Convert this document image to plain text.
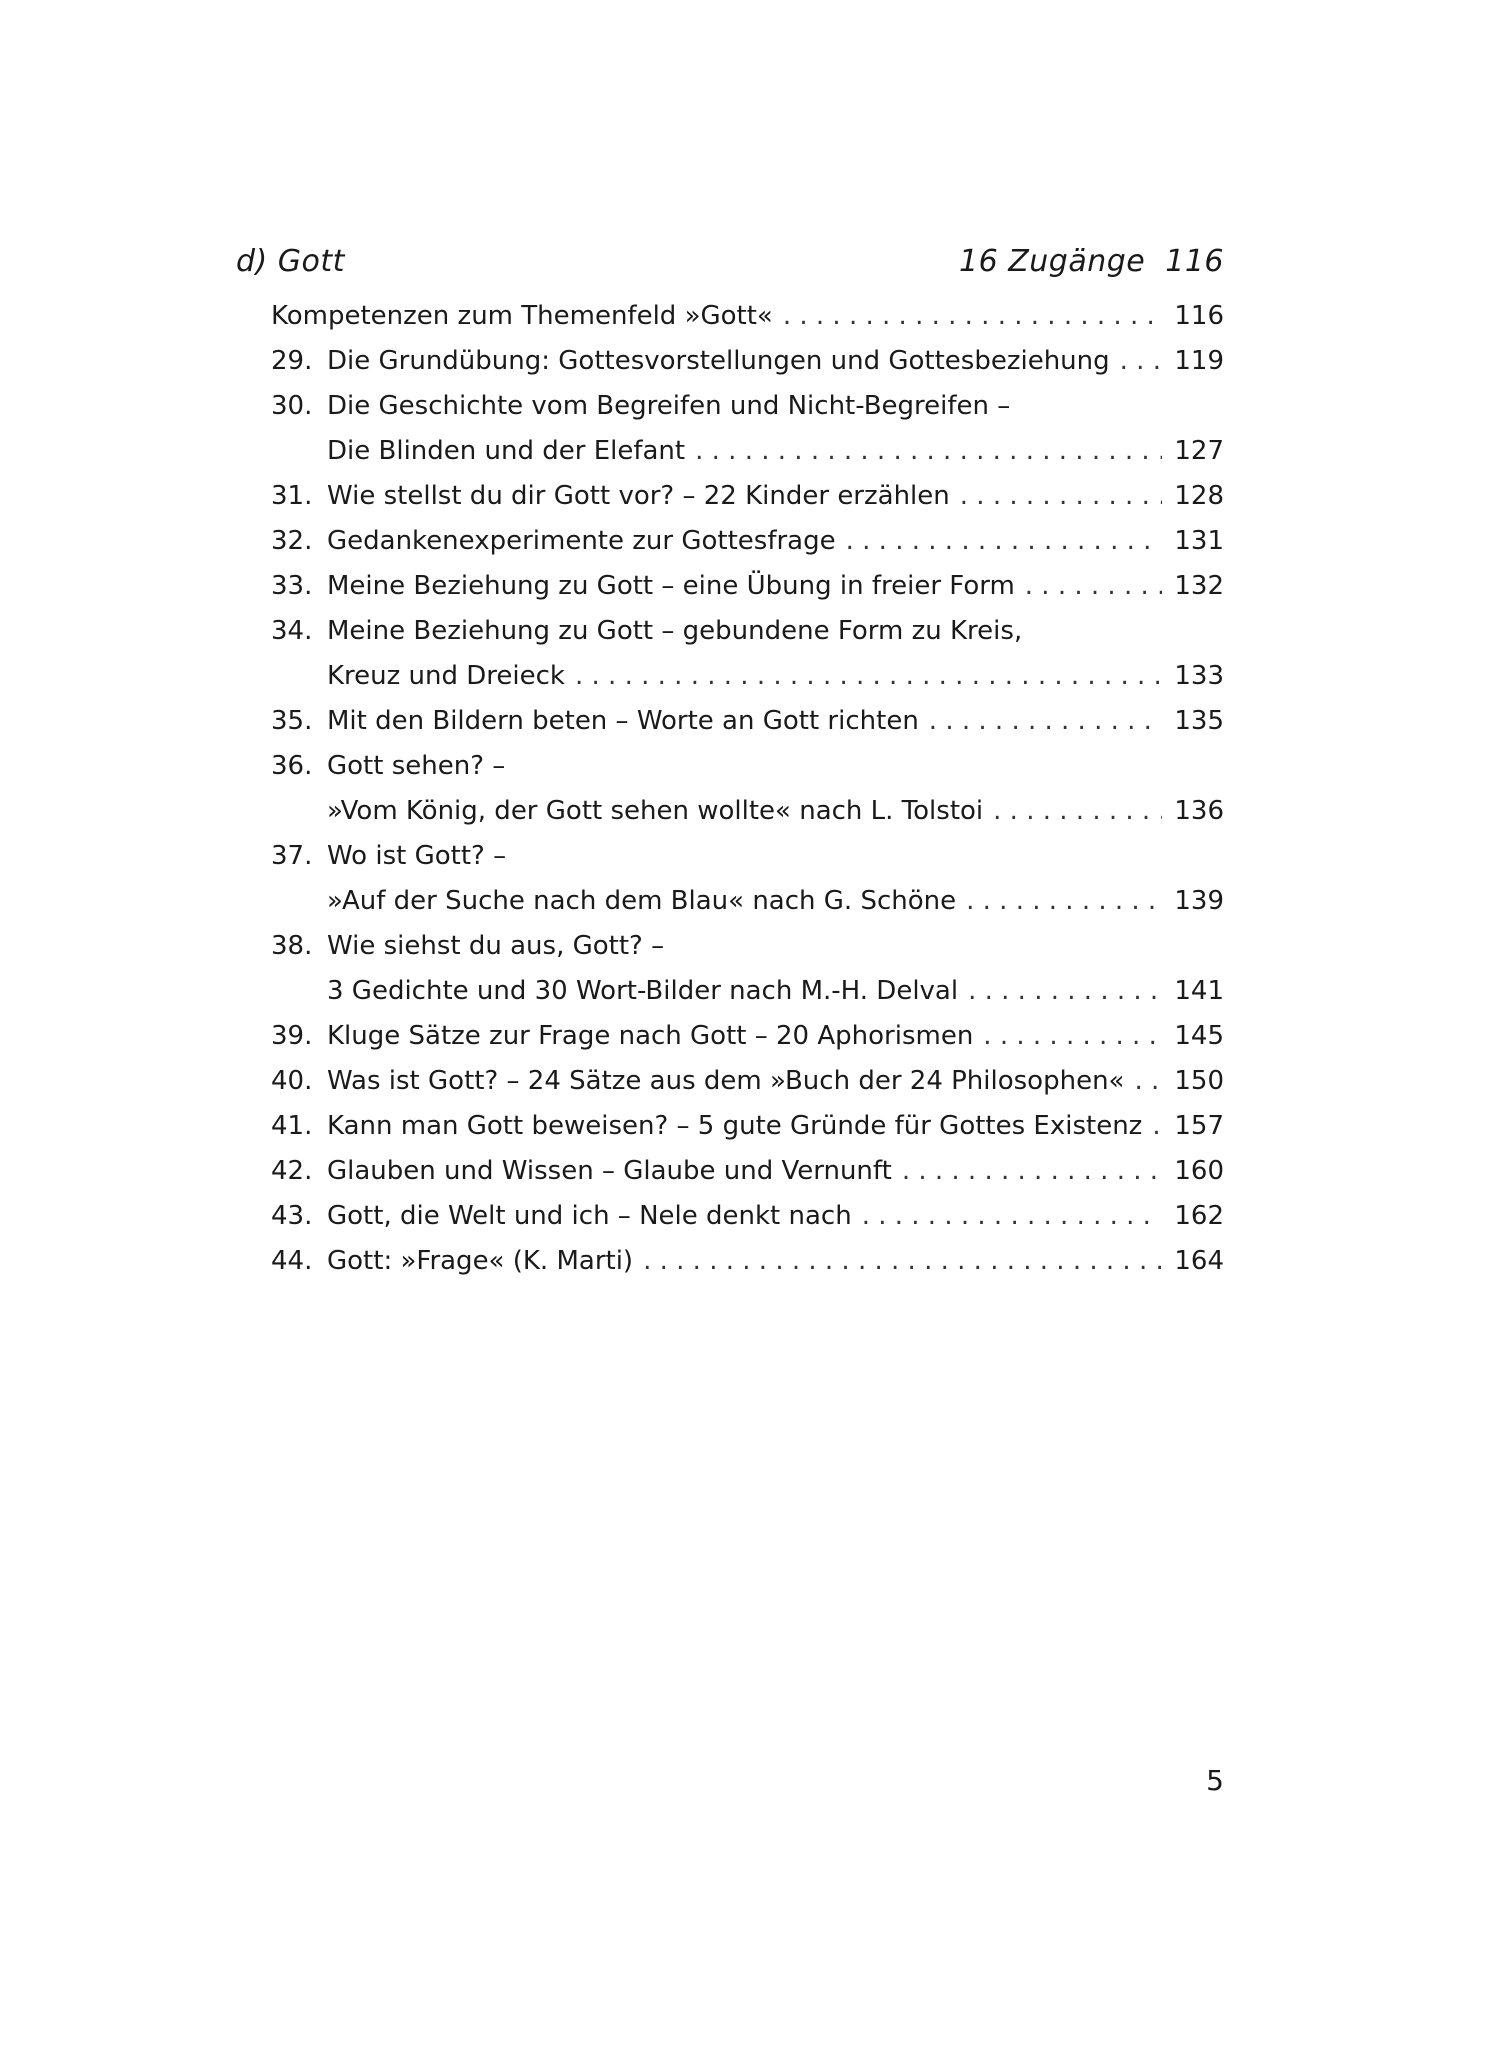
d) Gott	16 Zugänge 116
Kompetenzen zum Themenfeld »Gott« . . .	116
29. Die Grundübung: Gottesvorstellungen und Gottesbeziehung . . . 119
30. Die Geschichte vom Begreifen und Nicht-Begreifen –
Die Blinden und der Elefant . . .	127
31. Wie stellst du dir Gott vor? – 22 Kinder erzählen . . .	128
32. Gedankenexperimente zur Gottesfrage . . .	131
33. Meine Beziehung zu Gott – eine Übung in freier Form . . .	132
34. Meine Beziehung zu Gott – gebundene Form zu Kreis,
Kreuz und Dreieck . . .	133
35. Mit den Bildern beten – Worte an Gott richten . . .	135
36. Gott sehen? –
»Vom König, der Gott sehen wollte« nach L. Tolstoi . . .	136
37. Wo ist Gott? –
»Auf der Suche nach dem Blau« nach G. Schöne . . .	139
38. Wie siehst du aus, Gott? –
3 Gedichte und 30 Wort-Bilder nach M.-H. Delval . . .	141
39. Kluge Sätze zur Frage nach Gott – 20 Aphorismen . . .	145
40. Was ist Gott? – 24 Sätze aus dem »Buch der 24 Philosophen« . . . 150
41. Kann man Gott beweisen? – 5 gute Gründe für Gottes Existenz . . . 157
42. Glauben und Wissen – Glaube und Vernunft . . .	160
43. Gott, die Welt und ich – Nele denkt nach . . .	162
44. Gott: »Frage« (K. Marti) . . .	164
5
